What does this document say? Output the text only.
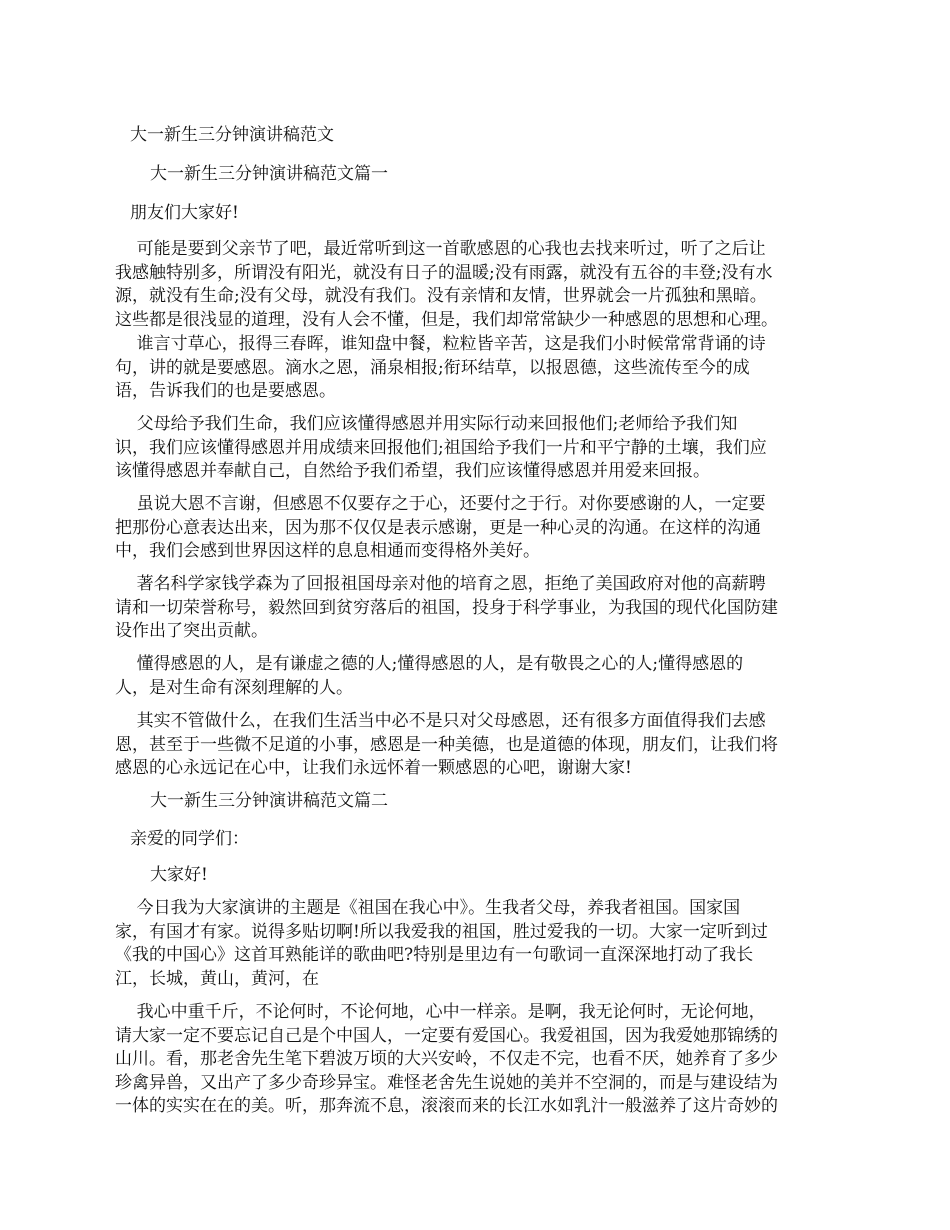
大一新生三分钟演讲稿范文
大一新生三分钟演讲稿范文篇一
朋友们大家好!
可能是要到父亲节了吧，最近常听到这一首歌感恩的心我也去找来听过，听了之后让
我感触特别多，所谓没有阳光，就没有日子的温暖;没有雨露，就没有五谷的丰登;没有水
源，就没有生命;没有父母，就没有我们。没有亲情和友情，世界就会一片孤独和黑暗。
这些都是很浅显的道理，没有人会不懂，但是，我们却常常缺少一种感恩的思想和心理。
谁言寸草心，报得三春晖，谁知盘中餐，粒粒皆辛苦，这是我们小时候常常背诵的诗
句，讲的就是要感恩。滴水之恩，涌泉相报;衔环结草，以报恩德，这些流传至今的成
语，告诉我们的也是要感恩。
父母给予我们生命，我们应该懂得感恩并用实际行动来回报他们;老师给予我们知
识，我们应该懂得感恩并用成绩来回报他们;祖国给予我们一片和平宁静的土壤，我们应
该懂得感恩并奉献自己，自然给予我们希望，我们应该懂得感恩并用爱来回报。
虽说大恩不言谢，但感恩不仅要存之于心，还要付之于行。对你要感谢的人，一定要
把那份心意表达出来，因为那不仅仅是表示感谢，更是一种心灵的沟通。在这样的沟通
中，我们会感到世界因这样的息息相通而变得格外美好。
著名科学家钱学森为了回报祖国母亲对他的培育之恩，拒绝了美国政府对他的高薪聘
请和一切荣誉称号，毅然回到贫穷落后的祖国，投身于科学事业，为我国的现代化国防建
设作出了突出贡献。
懂得感恩的人，是有谦虚之德的人;懂得感恩的人，是有敬畏之心的人;懂得感恩的
人，是对生命有深刻理解的人。
其实不管做什么，在我们生活当中必不是只对父母感恩，还有很多方面值得我们去感
恩，甚至于一些微不足道的小事，感恩是一种美德，也是道德的体现，朋友们，让我们将
感恩的心永远记在心中，让我们永远怀着一颗感恩的心吧，谢谢大家!
大一新生三分钟演讲稿范文篇二
亲爱的同学们：
大家好!
今日我为大家演讲的主题是《祖国在我心中》。生我者父母，养我者祖国。国家国
家，有国才有家。说得多贴切啊!所以我爱我的祖国，胜过爱我的一切。大家一定听到过
《我的中国心》这首耳熟能详的歌曲吧?特别是里边有一句歌词一直深深地打动了我长
江，长城，黄山，黄河，在
我心中重千斤，不论何时，不论何地，心中一样亲。是啊，我无论何时，无论何地，
请大家一定不要忘记自己是个中国人，一定要有爱国心。我爱祖国，因为我爱她那锦绣的
山川。看，那老舍先生笔下碧波万顷的大兴安岭，不仅走不完，也看不厌，她养育了多少
珍禽异兽，又出产了多少奇珍异宝。难怪老舍先生说她的美并不空洞的，而是与建设结为
一体的实实在在的美。听，那奔流不息，滚滚而来的长江水如乳汁一般滋养了这片奇妙的
